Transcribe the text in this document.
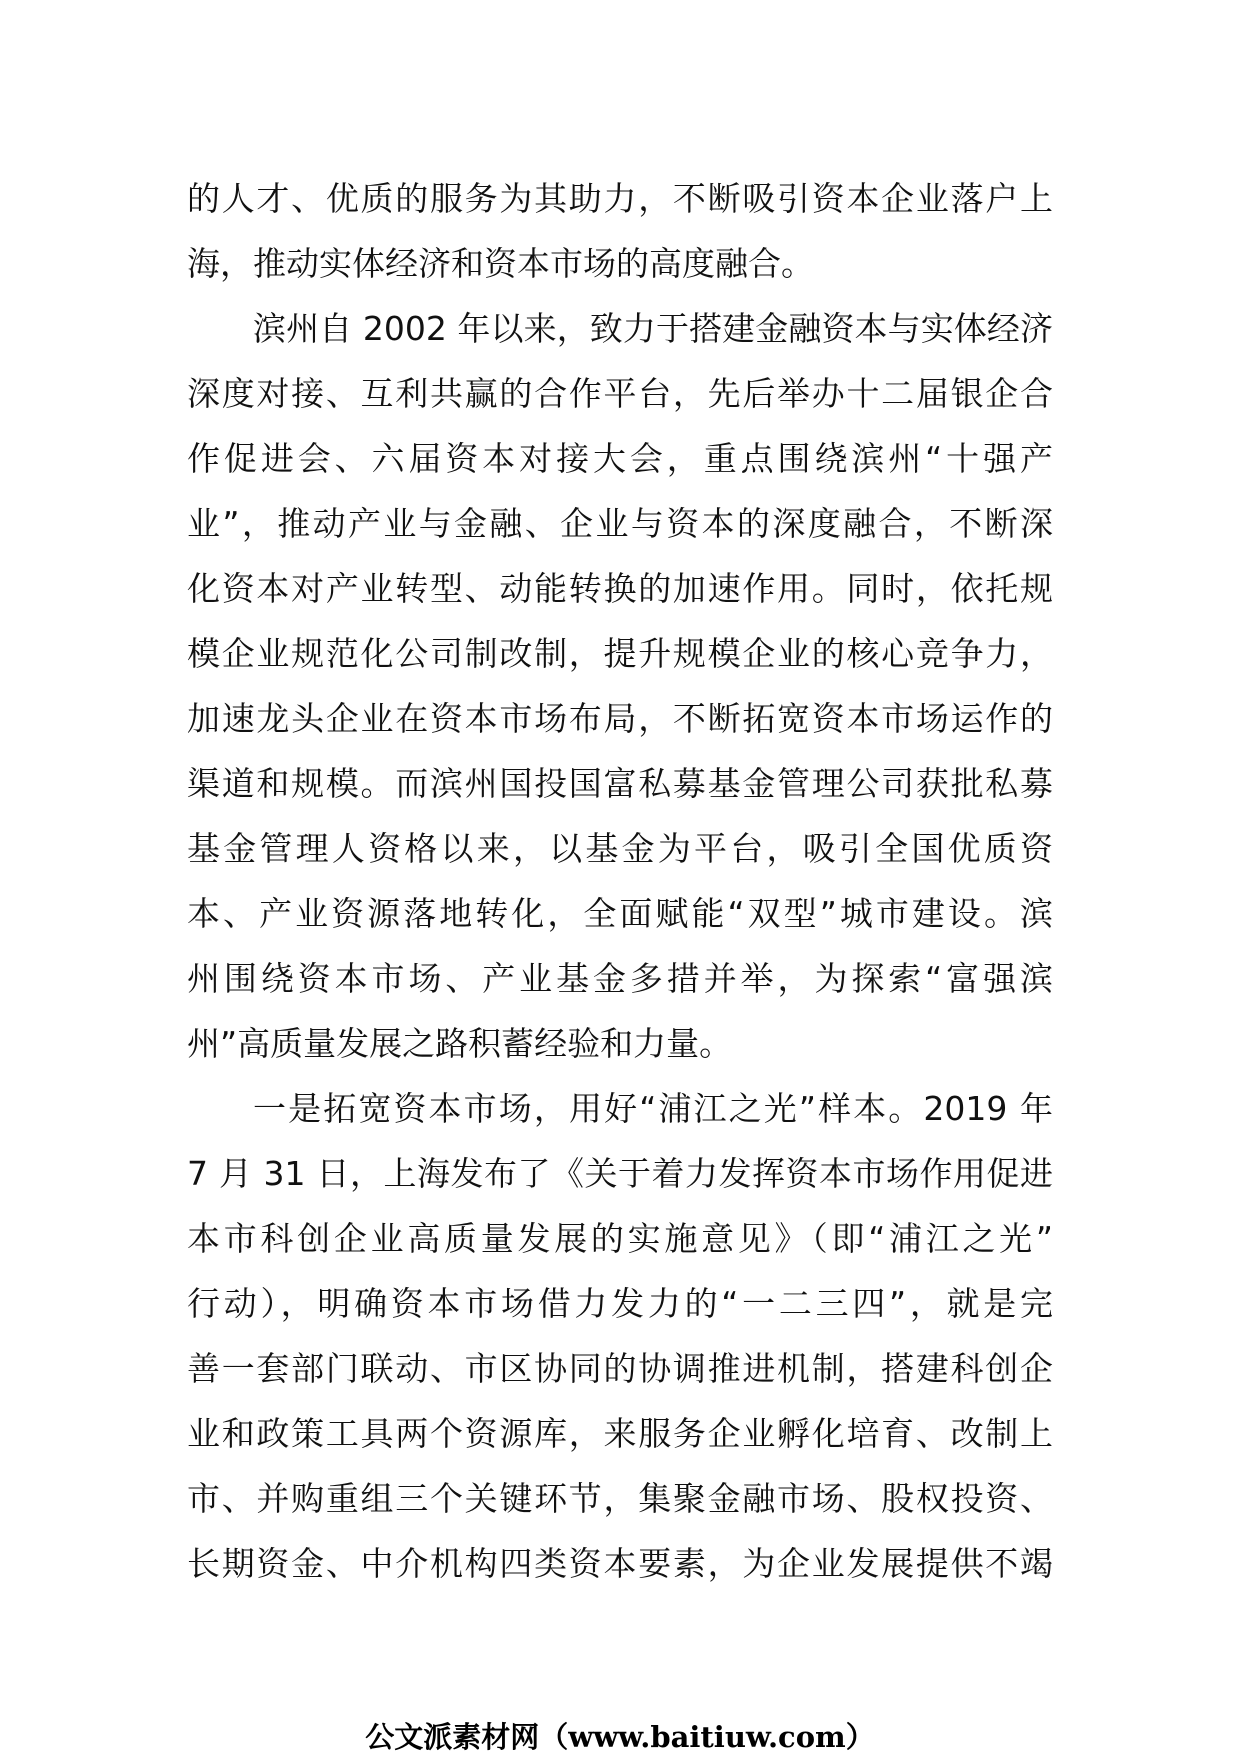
的人才、优质的服务为其助力，不断吸引资本企业落户上
海，推动实体经济和资本市场的高度融合。
滨州自 2002 年以来，致力于搭建金融资本与实体经济
深度对接、互利共赢的合作平台，先后举办十二届银企合
作促进会、六届资本对接大会，重点围绕滨州“十强产
业”，推动产业与金融、企业与资本的深度融合，不断深
化资本对产业转型、动能转换的加速作用。同时，依托规
模企业规范化公司制改制，提升规模企业的核心竞争力，
加速龙头企业在资本市场布局，不断拓宽资本市场运作的
渠道和规模。而滨州国投国富私募基金管理公司获批私募
基金管理人资格以来，以基金为平台，吸引全国优质资
本、产业资源落地转化，全面赋能“双型”城市建设。滨
州围绕资本市场、产业基金多措并举，为探索“富强滨
州”高质量发展之路积蓄经验和力量。
一是拓宽资本市场，用好“浦江之光”样本。2019 年
7 月 31 日，上海发布了《关于着力发挥资本市场作用促进
本市科创企业高质量发展的实施意见》（即“浦江之光”
行动），明确资本市场借力发力的“一二三四”，就是完
善一套部门联动、市区协同的协调推进机制，搭建科创企
业和政策工具两个资源库，来服务企业孵化培育、改制上
市、并购重组三个关键环节，集聚金融市场、股权投资、
长期资金、中介机构四类资本要素，为企业发展提供不竭
公文派素材网（www.baitiuw.com）
